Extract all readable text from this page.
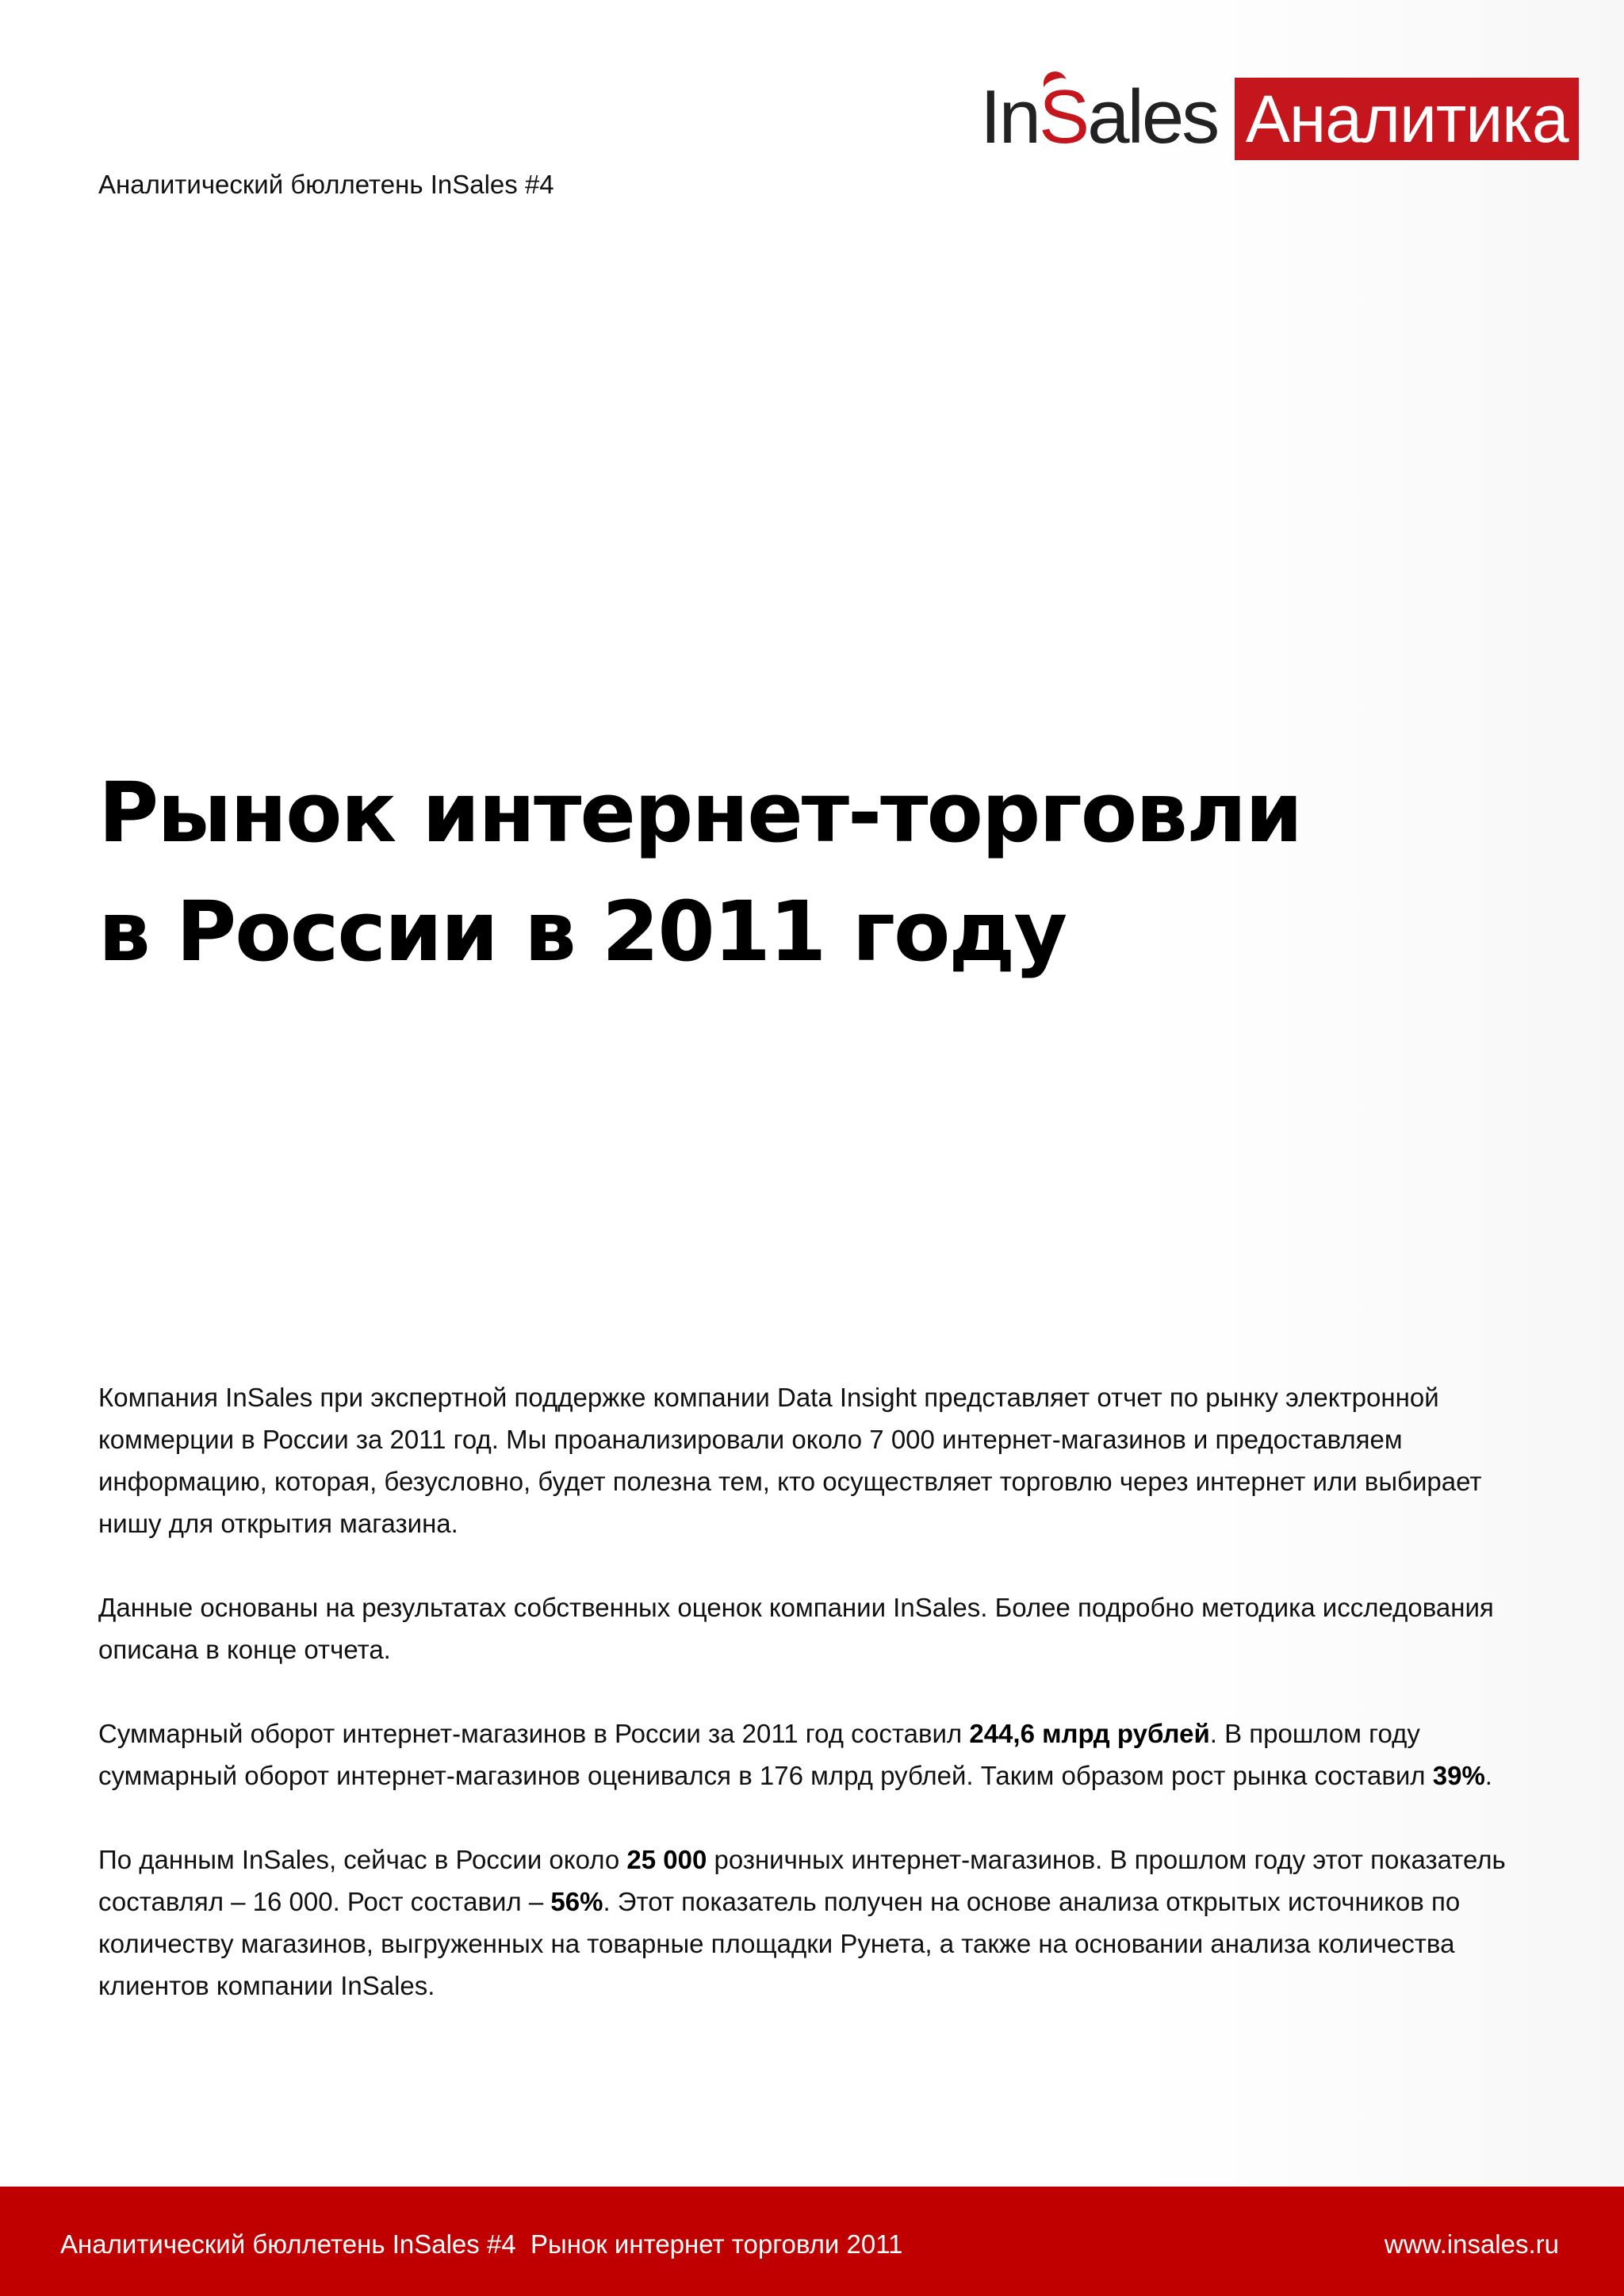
In S ales Аналитика
Аналитический бюллетень InSales #4
Рынок интернет-торговли
в России в 2011 году

Компания InSales при экспертной поддержке компании Data Insight представляет отчет по рынку электронной коммерции в России за 2011 год. Мы проанализировали около 7 000 интернет-магазинов и предоставляем информацию, которая, безусловно, будет полезна тем, кто осуществляет торговлю через интернет или выбирает нишу для открытия магазина.

Данные основаны на результатах собственных оценок компании InSales. Более подробно методика исследования описана в конце отчета.

Суммарный оборот интернет-магазинов в России за 2011 год составил 244,6 млрд рублей. В прошлом году суммарный оборот интернет-магазинов оценивался в 176 млрд рублей. Таким образом рост рынка составил 39%.

По данным InSales, сейчас в России около 25 000 розничных интернет-магазинов. В прошлом году этот показатель составлял – 16 000. Рост составил – 56%. Этот показатель получен на основе анализа открытых источников по количеству магазинов, выгруженных на товарные площадки Рунета, а также на основании анализа количества клиентов компании InSales.

Аналитический бюллетень InSales #4  Рынок интернет торговли 2011	www.insales.ru
